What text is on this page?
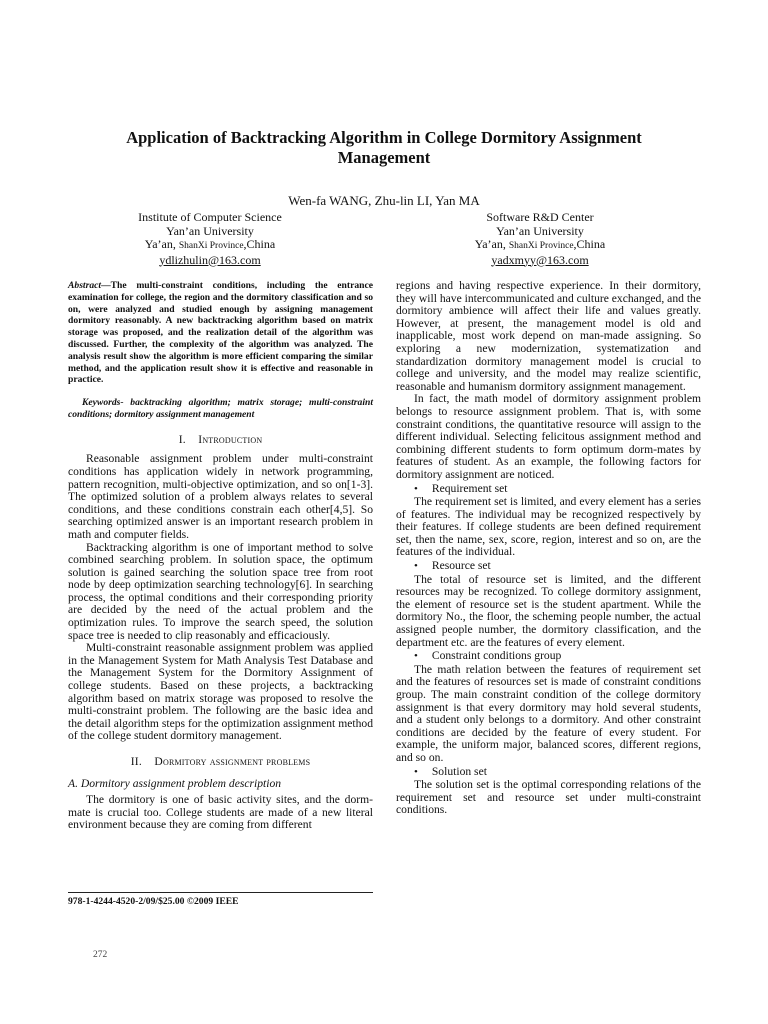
Application of Backtracking Algorithm in College Dormitory Assignment Management
Wen-fa WANG, Zhu-lin LI, Yan MA
Institute of Computer Science
Yan’an University
Ya’an, ShanXi Province,China
ydlizhulin@163.com
Software R&D Center
Yan’an University
Ya’an, ShanXi Province,China
yadxmyy@163.com

Abstract—The multi-constraint conditions, including the entrance examination for college, the region and the dormitory classification and so on, were analyzed and studied enough by assigning management dormitory reasonably. A new backtracking algorithm based on matrix storage was proposed, and the realization detail of the algorithm was discussed. Further, the complexity of the algorithm was analyzed. The analysis result show the algorithm is more efficient comparing the similar method, and the application result show it is effective and reasonable in practice.

Keywords- backtracking algorithm; matrix storage; multi-constraint conditions; dormitory assignment management

I. Introduction

Reasonable assignment problem under multi-constraint conditions has application widely in network programming, pattern recognition, multi-objective optimization, and so on[1-3]. The optimized solution of a problem always relates to several conditions, and these conditions constrain each other[4,5]. So searching optimized answer is an important research problem in math and computer fields.

Backtracking algorithm is one of important method to solve combined searching problem. In solution space, the optimum solution is gained searching the solution space tree from root node by deep optimization searching technology[6]. In searching process, the optimal conditions and their corresponding priority are decided by the need of the actual problem and the optimization rules. To improve the search speed, the solution space tree is needed to clip reasonably and efficaciously.

Multi-constraint reasonable assignment problem was applied in the Management System for Math Analysis Test Database and the Management System for the Dormitory Assignment of college students. Based on these projects, a backtracking algorithm based on matrix storage was proposed to resolve the multi-constraint problem. The following are the basic idea and the detail algorithm steps for the optimization assignment method of the college student dormitory management.

II. Dormitory assignment problems
A. Dormitory assignment problem description

The dormitory is one of basic activity sites, and the dorm-mate is crucial too. College students are made of a new literal environment because they are coming from different

regions and having respective experience. In their dormitory, they will have intercommunicated and culture exchanged, and the dormitory ambience will affect their life and values greatly. However, at present, the management model is old and inapplicable, most work depend on man-made assigning. So exploring a new modernization, systematization and standardization dormitory management model is crucial to college and university, and the model may realize scientific, reasonable and humanism dormitory assignment management.

In fact, the math model of dormitory assignment problem belongs to resource assignment problem. That is, with some constraint conditions, the quantitative resource will assign to the different individual. Selecting felicitous assignment method and combining different students to form optimum dorm-mates by features of student. As an example, the following factors for dormitory assignment are noticed.

• Requirement set

The requirement set is limited, and every element has a series of features. The individual may be recognized respectively by their features. If college students are been defined requirement set, then the name, sex, score, region, interest and so on, are the features of the individual.

• Resource set

The total of resource set is limited, and the different resources may be recognized. To college dormitory assignment, the element of resource set is the student apartment. While the dormitory No., the floor, the scheming people number, the actual assigned people number, the dormitory classification, and the department etc. are the features of every element.

• Constraint conditions group

The math relation between the features of requirement set and the features of resources set is made of constraint conditions group. The main constraint condition of the college dormitory assignment is that every dormitory may hold several students, and a student only belongs to a dormitory. And other constraint conditions are decided by the feature of every student. For example, the uniform major, balanced scores, different regions, and so on.

• Solution set

The solution set is the optimal corresponding relations of the requirement set and resource set under multi-constraint conditions.

978-1-4244-4520-2/09/$25.00 ©2009 IEEE
272
